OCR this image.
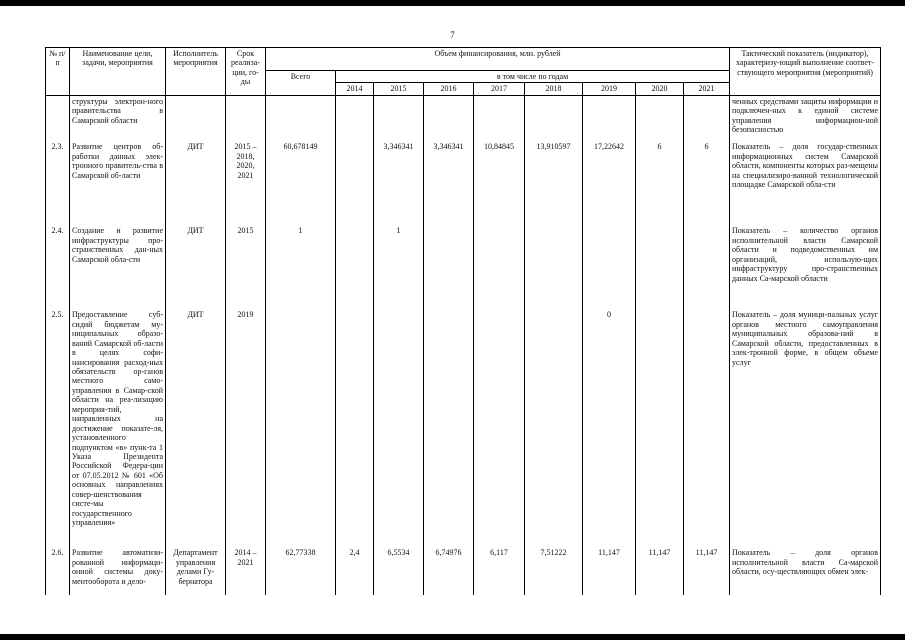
7
№ п/п	Наименование цели, задачи, мероприятия	Исполнитель мероприятия	Срок реализа-ции, го-ды	Объем финансирования, млн. рублей									Тактический показатель (индикатор), характеризу-ющий выполнение соответ-ствующего мероприятия (мероприятий)
				Всего	в том числе по годам								
					2014	2015	2016	2017	2018	2019	2020	2021	
	структуры электрон-ного правительства в Самарской области												ченных средствами защиты информации и подключен-ных к единой системе управления информацион-ной безопасностью
2.3.	Развитие центров об-работки данных элек-тронного правитель-ства в Самарской об-ласти	ДИТ	2015 – 2018, 2020, 2021	60,678149		3,346341	3,346341	10,84845	13,910597	17,22642	6	6	Показатель – доля государ-ственных информационных систем Самарской области, компоненты которых раз-мещены на специализиро-ванной технологической площадке Самарской обла-сти
2.4.	Создание и развитие инфраструктуры про-странственных дан-ных Самарской обла-сти	ДИТ	2015	1		1							Показатель – количество органов исполнительной власти Самарской области и подведомственных им организаций, использую-щих инфраструктуру про-странственных данных Са-марской области
2.5.	Предоставление суб-сидий бюджетам му-ниципальных образо-ваний Самарской об-ласти в целях софи-нансирования расход-ных обязательств ор-ганов местного само-управления в Самар-ской области на реа-лизацию мероприя-тий, направленных на достижение показате-ля, установленного подпунктом «в» пунк-та 1 Указа Президента Российской Федера-ции от 07.05.2012 № 601 «Об основных направлениях совер-шенствования систе-мы государственного управления»	ДИТ	2019							0			Показатель – доля муници-пальных услуг органов местного самоуправления муниципальных образова-ний в Самарской области, предоставленных в элек-тронной форме, в общем объеме услуг
2.6.	Развитие автоматизи-рованной информаци-онной системы доку-ментооборота и дело-	Департамент управления делами Гу-бернатора	2014 – 2021	62,77338	2,4	6,5534	6,74976	6,117	7,51222	11,147	11,147	11,147	Показатель – доля органов исполнительной власти Са-марской области, осу-ществляющих обмен элек-
